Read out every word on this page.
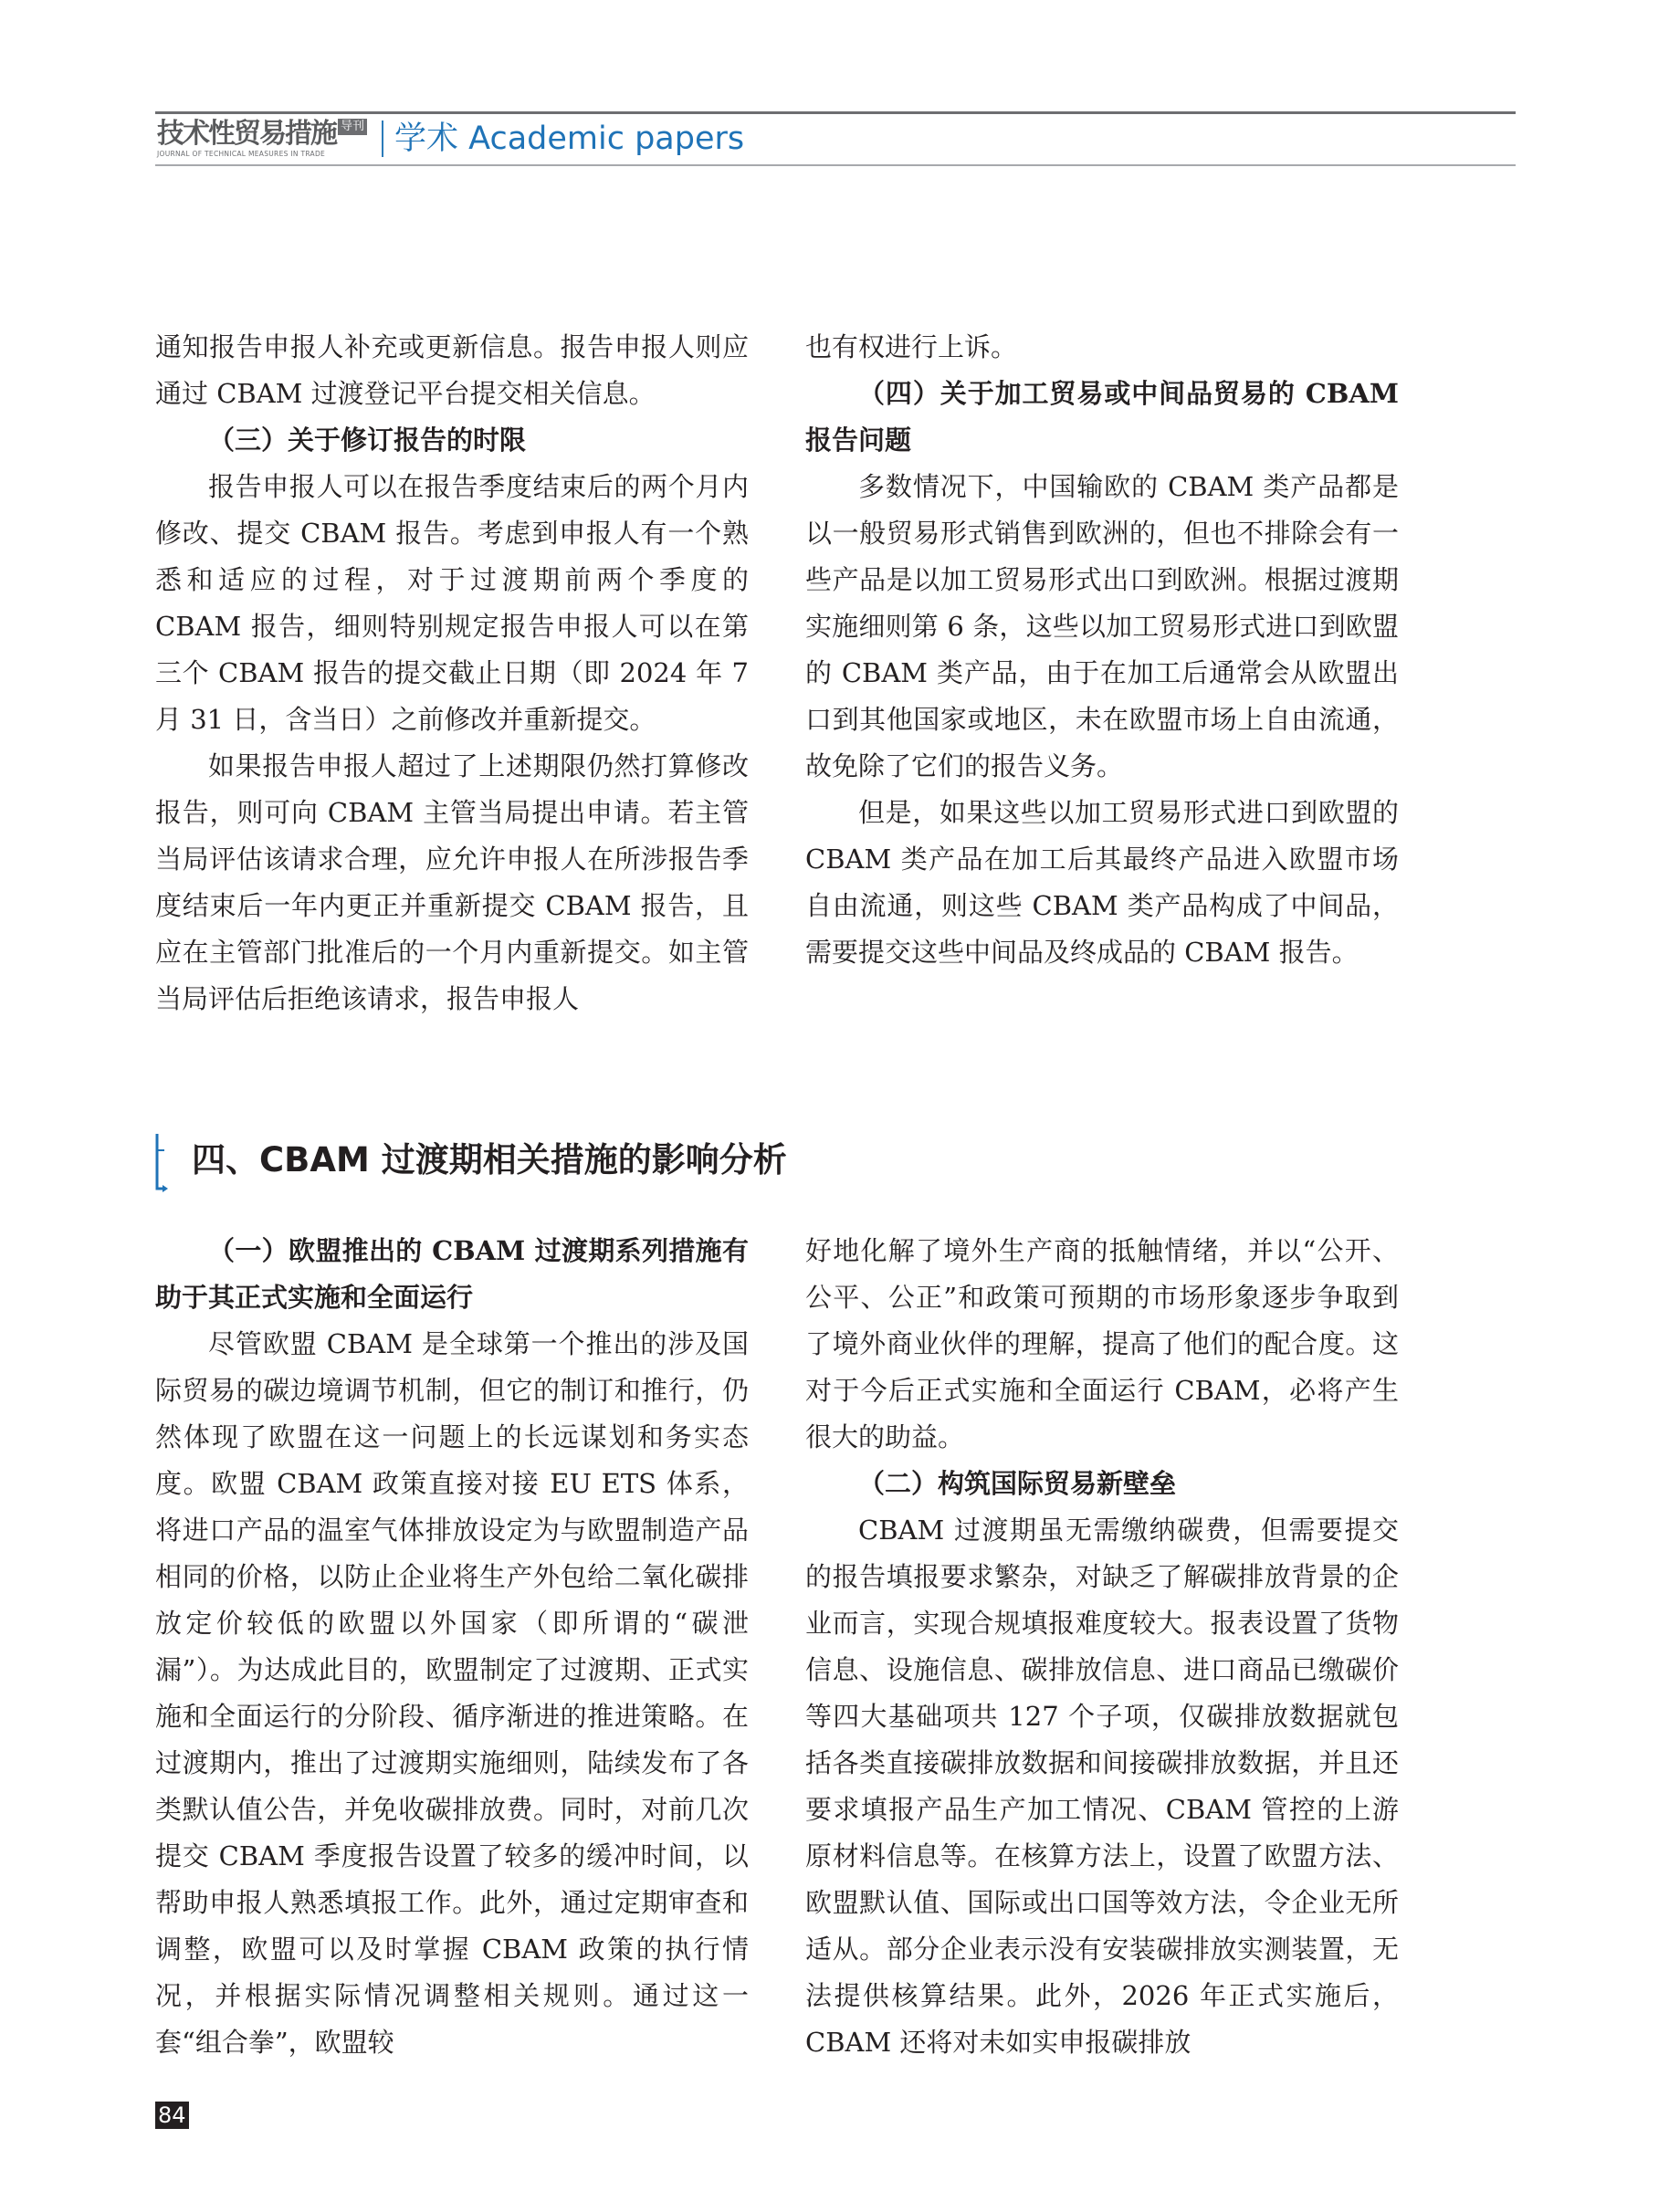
技术性贸易措施 导刊
JOURNAL OF TECHNICAL MEASURES IN TRADE	学术 Academic papers

通知报告申报人补充或更新信息。报告申报人则应通过 CBAM 过渡登记平台提交相关信息。

（三）关于修订报告的时限

报告申报人可以在报告季度结束后的两个月内修改、提交 CBAM 报告。考虑到申报人有一个熟悉和适应的过程，对于过渡期前两个季度的 CBAM 报告，细则特别规定报告申报人可以在第三个 CBAM 报告的提交截止日期（即 2024 年 7 月 31 日，含当日）之前修改并重新提交。

如果报告申报人超过了上述期限仍然打算修改报告，则可向 CBAM 主管当局提出申请。若主管当局评估该请求合理，应允许申报人在所涉报告季度结束后一年内更正并重新提交 CBAM 报告，且应在主管部门批准后的一个月内重新提交。如主管当局评估后拒绝该请求，报告申报人

也有权进行上诉。

（四）关于加工贸易或中间品贸易的 CBAM 报告问题

多数情况下，中国输欧的 CBAM 类产品都是以一般贸易形式销售到欧洲的，但也不排除会有一些产品是以加工贸易形式出口到欧洲。根据过渡期实施细则第 6 条，这些以加工贸易形式进口到欧盟的 CBAM 类产品，由于在加工后通常会从欧盟出口到其他国家或地区，未在欧盟市场上自由流通，故免除了它们的报告义务。

但是，如果这些以加工贸易形式进口到欧盟的 CBAM 类产品在加工后其最终产品进入欧盟市场自由流通，则这些 CBAM 类产品构成了中间品，需要提交这些中间品及终成品的 CBAM 报告。

四、CBAM 过渡期相关措施的影响分析
（一）欧盟推出的 CBAM 过渡期系列措施有助于其正式实施和全面运行

尽管欧盟 CBAM 是全球第一个推出的涉及国际贸易的碳边境调节机制，但它的制订和推行，仍然体现了欧盟在这一问题上的长远谋划和务实态度。欧盟 CBAM 政策直接对接 EU ETS 体系，将进口产品的温室气体排放设定为与欧盟制造产品相同的价格，以防止企业将生产外包给二氧化碳排放定价较低的欧盟以外国家（即所谓的“碳泄漏”）。为达成此目的，欧盟制定了过渡期、正式实施和全面运行的分阶段、循序渐进的推进策略。在过渡期内，推出了过渡期实施细则，陆续发布了各类默认值公告，并免收碳排放费。同时，对前几次提交 CBAM 季度报告设置了较多的缓冲时间，以帮助申报人熟悉填报工作。此外，通过定期审查和调整，欧盟可以及时掌握 CBAM 政策的执行情况，并根据实际情况调整相关规则。通过这一套“组合拳”，欧盟较

好地化解了境外生产商的抵触情绪，并以“公开、公平、公正”和政策可预期的市场形象逐步争取到了境外商业伙伴的理解，提高了他们的配合度。这对于今后正式实施和全面运行 CBAM，必将产生很大的助益。

（二）构筑国际贸易新壁垒

CBAM 过渡期虽无需缴纳碳费，但需要提交的报告填报要求繁杂，对缺乏了解碳排放背景的企业而言，实现合规填报难度较大。报表设置了货物信息、设施信息、碳排放信息、进口商品已缴碳价等四大基础项共 127 个子项，仅碳排放数据就包括各类直接碳排放数据和间接碳排放数据，并且还要求填报产品生产加工情况、CBAM 管控的上游原材料信息等。在核算方法上，设置了欧盟方法、欧盟默认值、国际或出口国等效方法，令企业无所适从。部分企业表示没有安装碳排放实测装置，无法提供核算结果。此外，2026 年正式实施后，CBAM 还将对未如实申报碳排放

84
